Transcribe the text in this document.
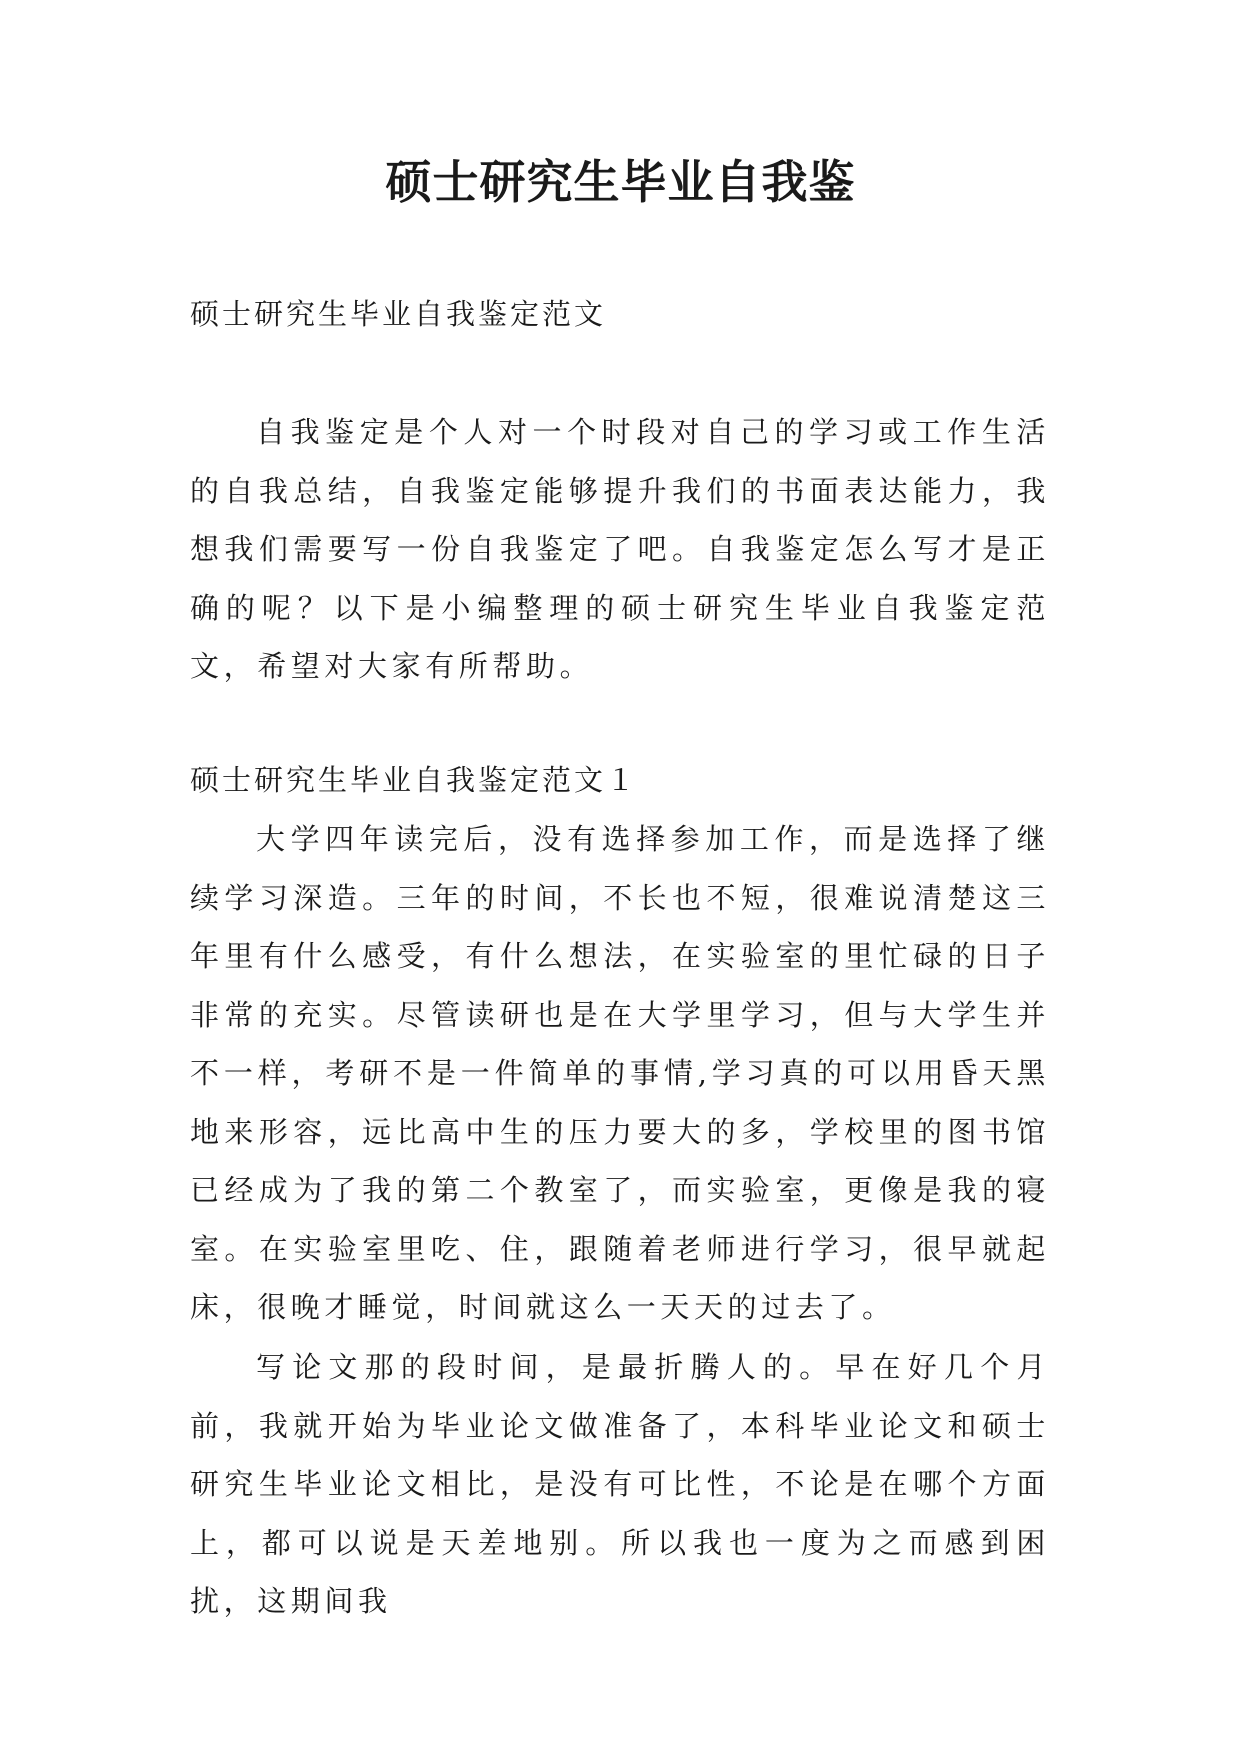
硕士研究生毕业自我鉴

硕士研究生毕业自我鉴定范文

自我鉴定是个人对一个时段对自己的学习或工作生活的自我总结，自我鉴定能够提升我们的书面表达能力，我想我们需要写一份自我鉴定了吧。自我鉴定怎么写才是正确的呢？以下是小编整理的硕士研究生毕业自我鉴定范文，希望对大家有所帮助。

硕士研究生毕业自我鉴定范文１

大学四年读完后，没有选择参加工作，而是选择了继续学习深造。三年的时间，不长也不短，很难说清楚这三年里有什么感受，有什么想法，在实验室的里忙碌的日子非常的充实。尽管读研也是在大学里学习，但与大学生并不一样，考研不是一件简单的事情,学习真的可以用昏天黑地来形容，远比高中生的压力要大的多，学校里的图书馆已经成为了我的第二个教室了，而实验室，更像是我的寝室。在实验室里吃、住，跟随着老师进行学习，很早就起床，很晚才睡觉，时间就这么一天天的过去了。

写论文那的段时间，是最折腾人的。早在好几个月前，我就开始为毕业论文做准备了，本科毕业论文和硕士研究生毕业论文相比，是没有可比性，不论是在哪个方面上，都可以说是天差地别。所以我也一度为之而感到困扰，这期间我
